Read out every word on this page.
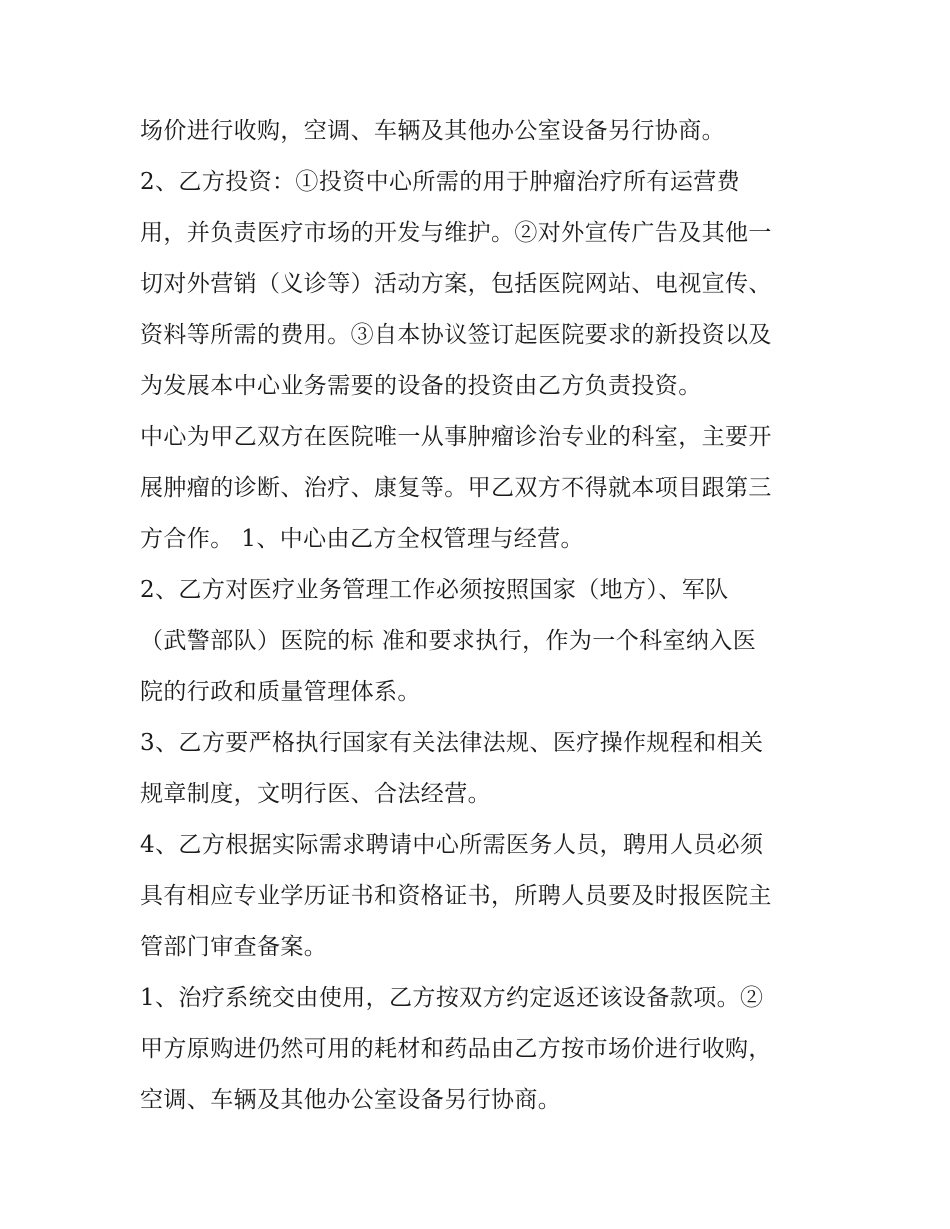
场价进行收购，空调、车辆及其他办公室设备另行协商。
2、乙方投资：①投资中心所需的用于肿瘤治疗所有运营费
用，并负责医疗市场的开发与维护。②对外宣传广告及其他一
切对外营销（义诊等）活动方案，包括医院网站、电视宣传、
资料等所需的费用。③自本协议签订起医院要求的新投资以及
为发展本中心业务需要的设备的投资由乙方负责投资。
中心为甲乙双方在医院唯一从事肿瘤诊治专业的科室，主要开
展肿瘤的诊断、治疗、康复等。甲乙双方不得就本项目跟第三
方合作。 1、中心由乙方全权管理与经营。
2、乙方对医疗业务管理工作必须按照国家（地方）、军队
（武警部队）医院的标 准和要求执行，作为一个科室纳入医
院的行政和质量管理体系。
3、乙方要严格执行国家有关法律法规、医疗操作规程和相关
规章制度，文明行医、合法经营。
4、乙方根据实际需求聘请中心所需医务人员，聘用人员必须
具有相应专业学历证书和资格证书，所聘人员要及时报医院主
管部门审查备案。
1、治疗系统交由使用，乙方按双方约定返还该设备款项。②
甲方原购进仍然可用的耗材和药品由乙方按市场价进行收购，
空调、车辆及其他办公室设备另行协商。
